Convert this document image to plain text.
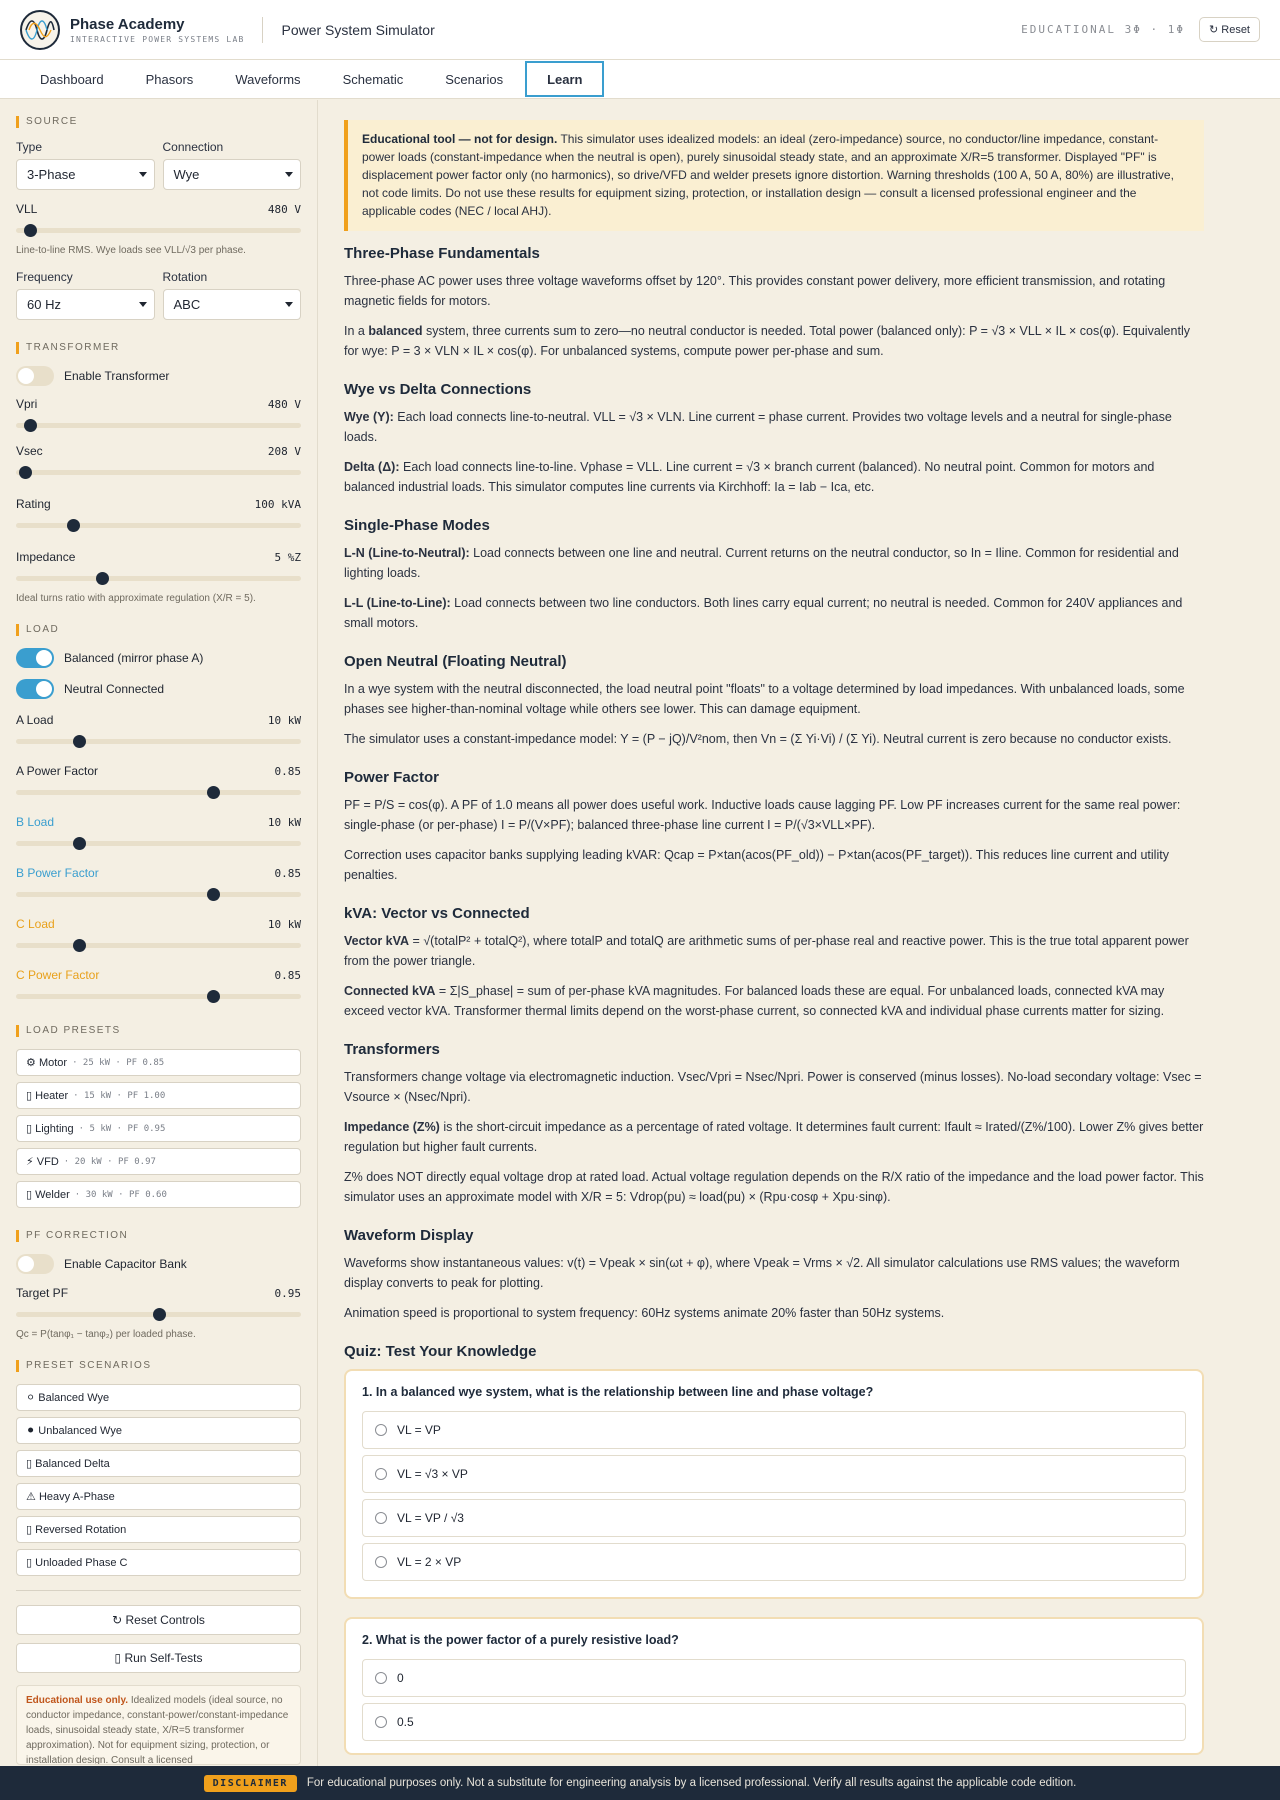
Phase Academy
INTERACTIVE POWER SYSTEMS LAB
Power System Simulator	EDUCATIONAL 3Φ · 1Φ	↻ Reset
Dashboard	Phasors	Waveforms	Schematic	Scenarios	Learn
SOURCE
Type
3-Phase
Connection
Wye
VLL	480 V
Line-to-line RMS. Wye loads see VLL/√3 per phase.
Frequency
60 Hz
Rotation
ABC
TRANSFORMER
Enable Transformer
Vpri	480 V
Vsec	208 V
Rating	100 kVA
Impedance	5 %Z
Ideal turns ratio with approximate regulation (X/R = 5).
LOAD
Balanced (mirror phase A)
Neutral Connected
A Load	10 kW
A Power Factor	0.85
B Load	10 kW
B Power Factor	0.85
C Load	10 kW
C Power Factor	0.85
LOAD PRESETS
⚙
Motor · 25 kW · PF 0.85
▯
Heater · 15 kW · PF 1.00
▯
Lighting · 5 kW · PF 0.95
⚡
VFD · 20 kW · PF 0.97
▯
Welder · 30 kW · PF 0.60
PF CORRECTION
Enable Capacitor Bank
Target PF	0.95
Qc = P(tanφ₁ − tanφ₂) per loaded phase.
PRESET SCENARIOS
⚪
Balanced Wye
⚫
Unbalanced Wye
▯
Balanced Delta
⚠
Heavy A-Phase
▯
Reversed Rotation
▯
Unloaded Phase C
↻ Reset Controls
▯ Run Self-Tests
Educational use only. Idealized models (ideal source, no conductor impedance, constant-power/constant-impedance loads, sinusoidal steady state, X/R=5 transformer approximation). Not for equipment sizing, protection, or installation design. Consult a licensed
Educational tool — not for design. This simulator uses idealized models: an ideal (zero-impedance) source, no conductor/line impedance, constant-power loads (constant-impedance when the neutral is open), purely sinusoidal steady state, and an approximate X/R=5 transformer. Displayed "PF" is displacement power factor only (no harmonics), so drive/VFD and welder presets ignore distortion. Warning thresholds (100 A, 50 A, 80%) are illustrative, not code limits. Do not use these results for equipment sizing, protection, or installation design — consult a licensed professional engineer and the applicable codes (NEC / local AHJ).
Three-Phase Fundamentals

Three-phase AC power uses three voltage waveforms offset by 120°. This provides constant power delivery, more efficient transmission, and rotating magnetic fields for motors.

In a balanced system, three currents sum to zero—no neutral conductor is needed. Total power (balanced only): P = √3 × VLL × IL × cos(φ). Equivalently for wye: P = 3 × VLN × IL × cos(φ). For unbalanced systems, compute power per-phase and sum.

Wye vs Delta Connections

Wye (Y): Each load connects line-to-neutral. VLL = √3 × VLN. Line current = phase current. Provides two voltage levels and a neutral for single-phase loads.

Delta (Δ): Each load connects line-to-line. Vphase = VLL. Line current = √3 × branch current (balanced). No neutral point. Common for motors and balanced industrial loads. This simulator computes line currents via Kirchhoff: Ia = Iab − Ica, etc.

Single-Phase Modes

L-N (Line-to-Neutral): Load connects between one line and neutral. Current returns on the neutral conductor, so In = Iline. Common for residential and lighting loads.

L-L (Line-to-Line): Load connects between two line conductors. Both lines carry equal current; no neutral is needed. Common for 240V appliances and small motors.

Open Neutral (Floating Neutral)

In a wye system with the neutral disconnected, the load neutral point "floats" to a voltage determined by load impedances. With unbalanced loads, some phases see higher-than-nominal voltage while others see lower. This can damage equipment.

The simulator uses a constant-impedance model: Y = (P − jQ)/V²nom, then Vn = (Σ Yi·Vi) / (Σ Yi). Neutral current is zero because no conductor exists.

Power Factor

PF = P/S = cos(φ). A PF of 1.0 means all power does useful work. Inductive loads cause lagging PF. Low PF increases current for the same real power: single-phase (or per-phase) I = P/(V×PF); balanced three-phase line current I = P/(√3×VLL×PF).

Correction uses capacitor banks supplying leading kVAR: Qcap = P×tan(acos(PF_old)) − P×tan(acos(PF_target)). This reduces line current and utility penalties.

kVA: Vector vs Connected

Vector kVA = √(totalP² + totalQ²), where totalP and totalQ are arithmetic sums of per-phase real and reactive power. This is the true total apparent power from the power triangle.

Connected kVA = Σ|S_phase| = sum of per-phase kVA magnitudes. For balanced loads these are equal. For unbalanced loads, connected kVA may exceed vector kVA. Transformer thermal limits depend on the worst-phase current, so connected kVA and individual phase currents matter for sizing.

Transformers

Transformers change voltage via electromagnetic induction. Vsec/Vpri = Nsec/Npri. Power is conserved (minus losses). No-load secondary voltage: Vsec = Vsource × (Nsec/Npri).

Impedance (Z%) is the short-circuit impedance as a percentage of rated voltage. It determines fault current: Ifault ≈ Irated/(Z%/100). Lower Z% gives better regulation but higher fault currents.

Z% does NOT directly equal voltage drop at rated load. Actual voltage regulation depends on the R/X ratio of the impedance and the load power factor. This simulator uses an approximate model with X/R = 5: Vdrop(pu) ≈ load(pu) × (Rpu·cosφ + Xpu·sinφ).

Waveform Display

Waveforms show instantaneous values: v(t) = Vpeak × sin(ωt + φ), where Vpeak = Vrms × √2. All simulator calculations use RMS values; the waveform display converts to peak for plotting.

Animation speed is proportional to system frequency: 60Hz systems animate 20% faster than 50Hz systems.

Quiz: Test Your Knowledge
1. In a balanced wye system, what is the relationship between line and phase voltage?
VL = VP
VL = √3 × VP
VL = VP / √3
VL = 2 × VP
2. What is the power factor of a purely resistive load?
0
0.5
DISCLAIMER	For educational purposes only. Not a substitute for engineering analysis by a licensed professional. Verify all results against the applicable code edition.
